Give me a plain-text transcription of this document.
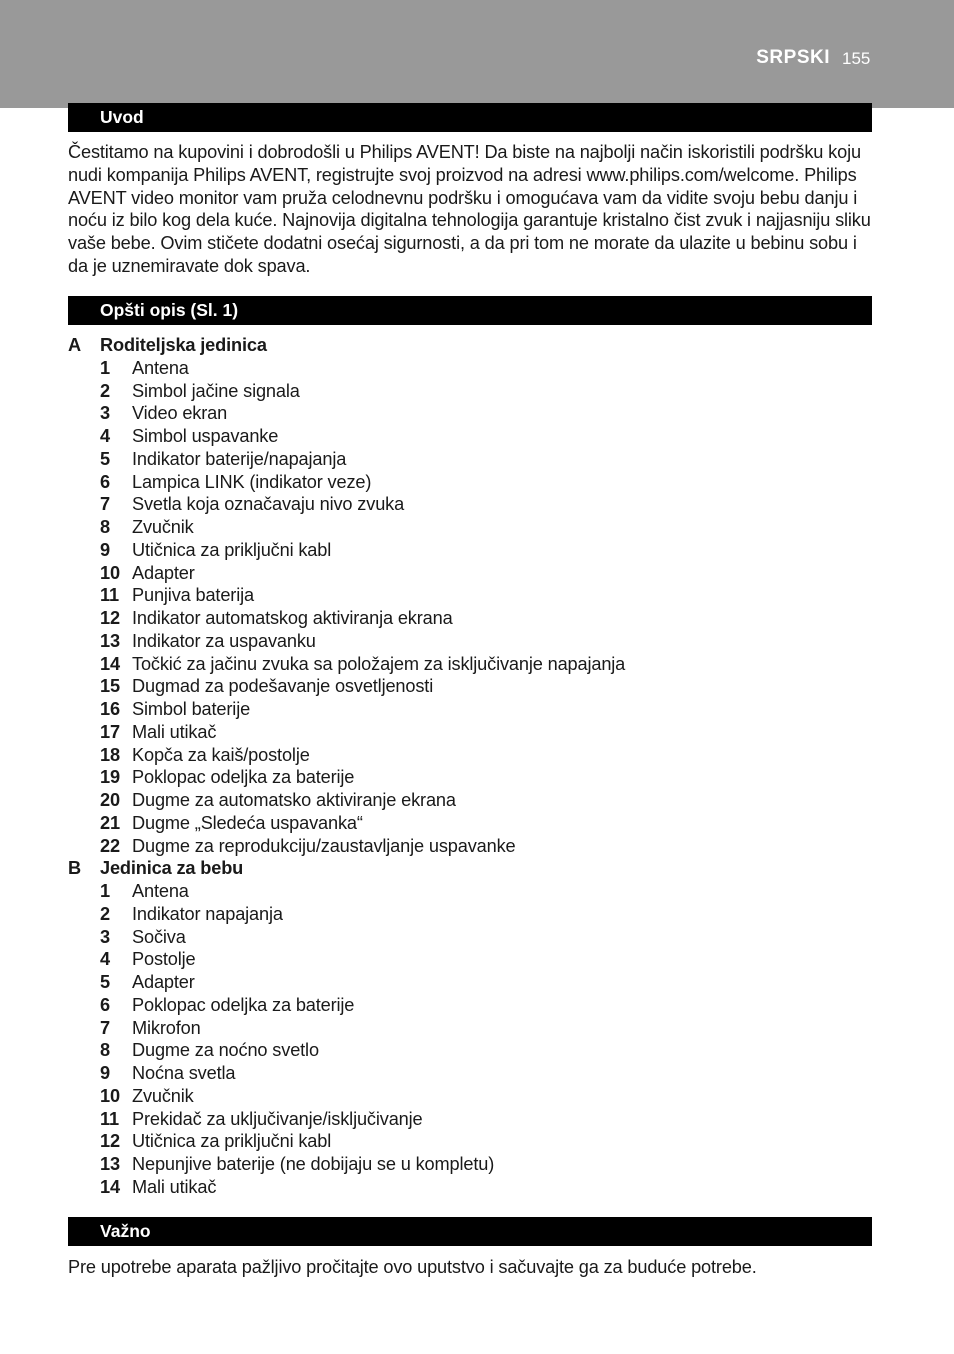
SRPSKI 155
Uvod
Čestitamo na kupovini i dobrodošli u Philips AVENT! Da biste na najbolji način iskoristili podršku koju nudi kompanija Philips AVENT, registrujte svoj proizvod na adresi www.philips.com/welcome. Philips AVENT video monitor vam pruža celodnevnu podršku i omogućava vam da vidite svoju bebu danju i noću iz bilo kog dela kuće. Najnovija digitalna tehnologija garantuje kristalno čist zvuk i najjasniju sliku vaše bebe. Ovim stičete dodatni osećaj sigurnosti, a da pri tom ne morate da ulazite u bebinu sobu i da je uznemiravate dok spava.
Opšti opis (Sl. 1)
A	Roditeljska jedinica
1	Antena
2	Simbol jačine signala
3	Video ekran
4	Simbol uspavanke
5	Indikator baterije/napajanja
6	Lampica LINK (indikator veze)
7	Svetla koja označavaju nivo zvuka
8	Zvučnik
9	Utičnica za priključni kabl
10 Adapter
11 Punjiva baterija
12 Indikator automatskog aktiviranja ekrana
13 Indikator za uspavanku
14 Točkić za jačinu zvuka sa položajem za isključivanje napajanja
15 Dugmad za podešavanje osvetljenosti
16 Simbol baterije
17 Mali utikač
18 Kopča za kaiš/postolje
19 Poklopac odeljka za baterije
20 Dugme za automatsko aktiviranje ekrana
21 Dugme „Sledeća uspavanka“
22 Dugme za reprodukciju/zaustavljanje uspavanke
B	Jedinica za bebu
1	Antena
2	Indikator napajanja
3	Sočiva
4	Postolje
5	Adapter
6	Poklopac odeljka za baterije
7	Mikrofon
8	Dugme za noćno svetlo
9	Noćna svetla
10 Zvučnik
11 Prekidač za uključivanje/isključivanje
12 Utičnica za priključni kabl
13 Nepunjive baterije (ne dobijaju se u kompletu)
14 Mali utikač
Važno
Pre upotrebe aparata pažljivo pročitajte ovo uputstvo i sačuvajte ga za buduće potrebe.
